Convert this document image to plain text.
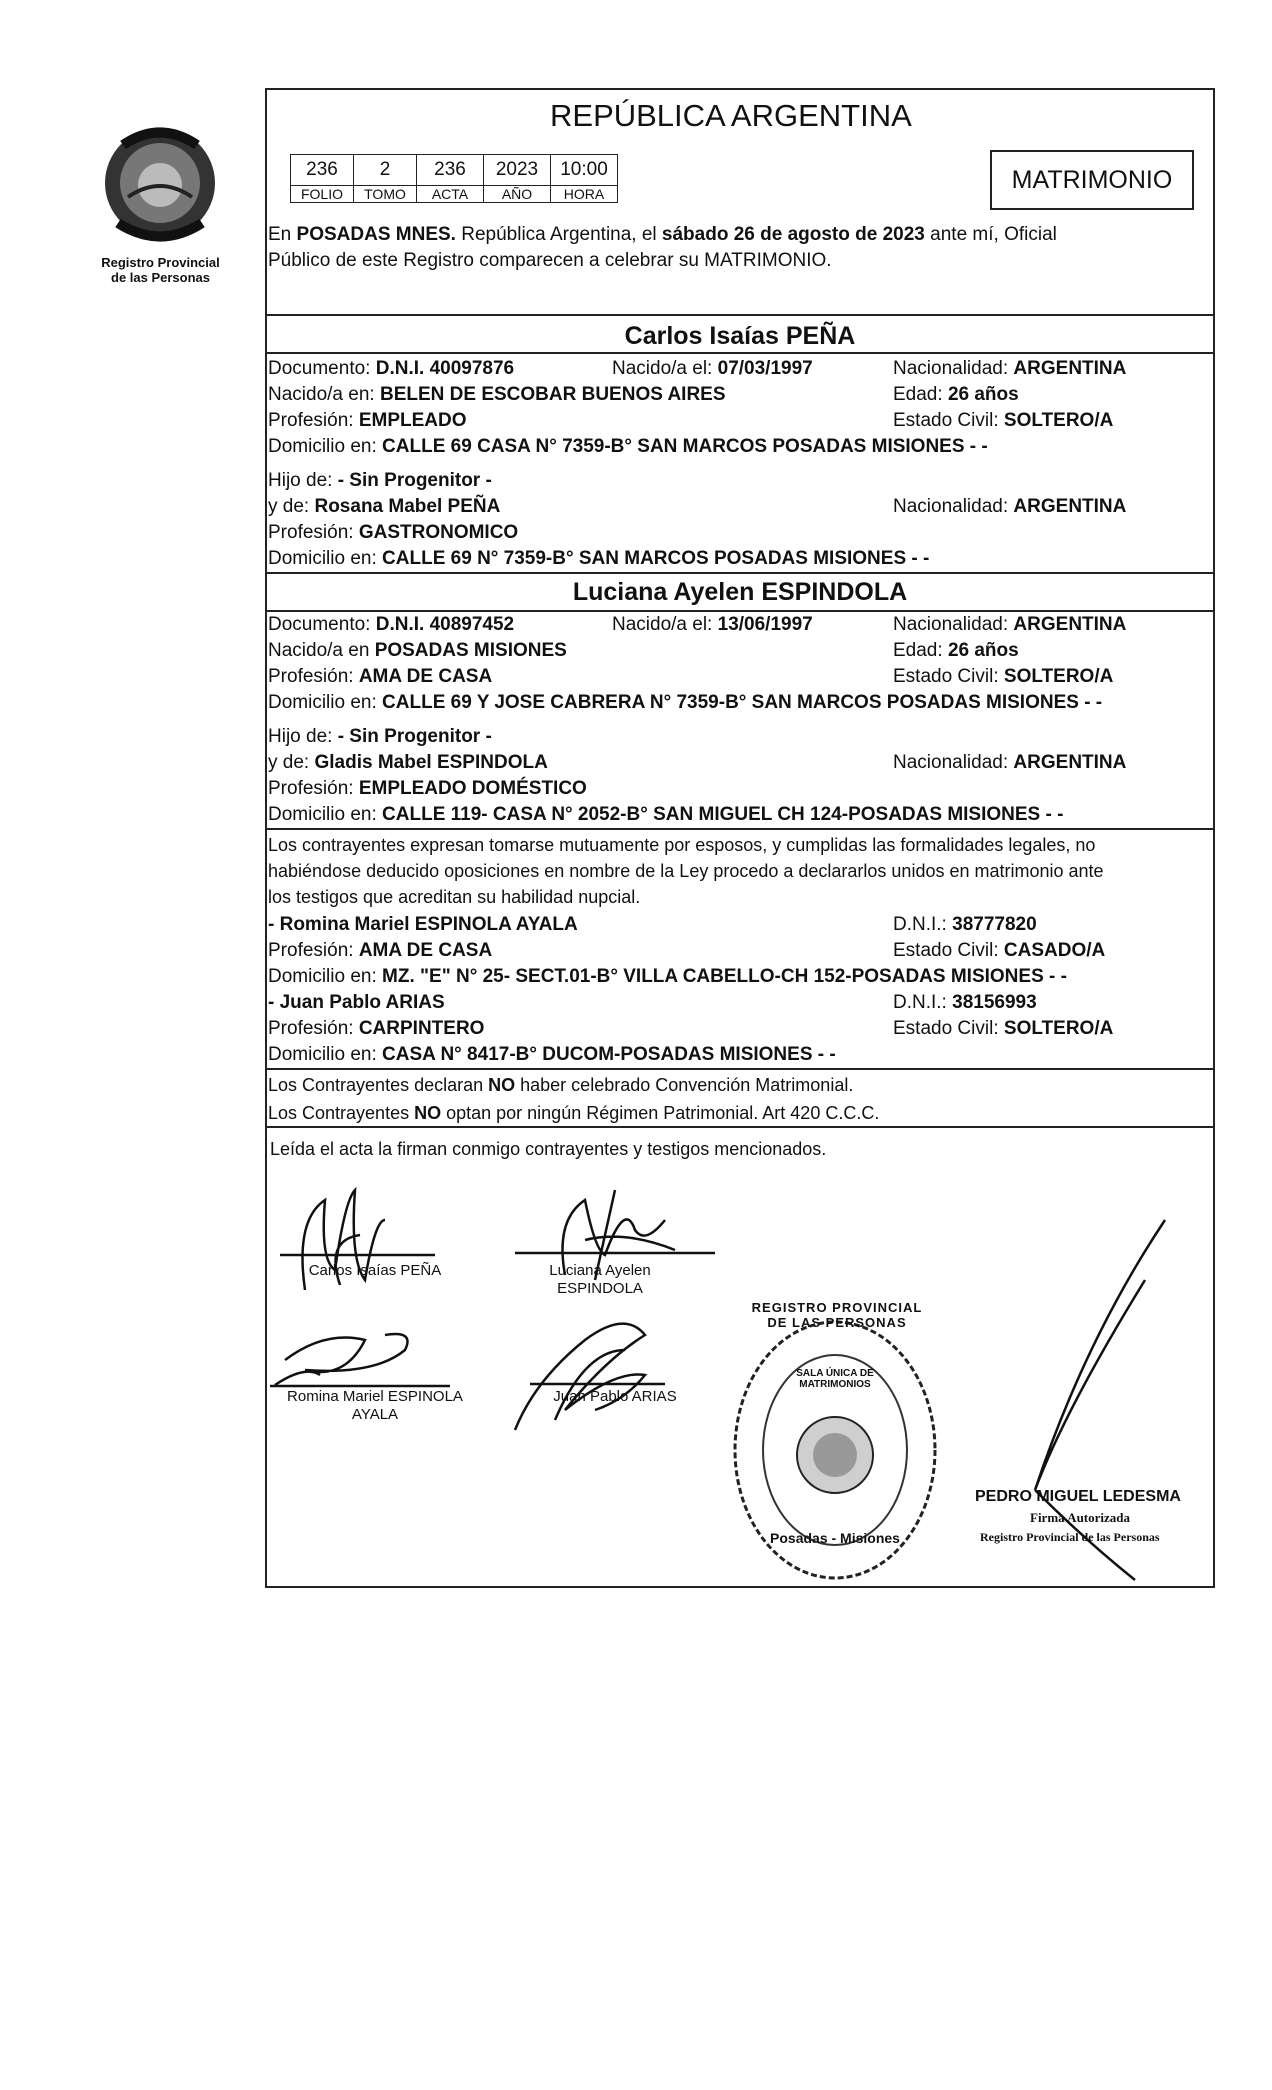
Registro Provincial
de las Personas
REPÚBLICA ARGENTINA
236	2	236	2023	10:00
FOLIO	TOMO	ACTA	AÑO	HORA	MATRIMONIO
En POSADAS MNES. República Argentina, el sábado 26 de agosto de 2023 ante mí, Oficial
Público de este Registro comparecen a celebrar su MATRIMONIO.
Carlos Isaías PEÑA
Documento: D.N.I. 40097876	Nacido/a el: 07/03/1997	Nacionalidad: ARGENTINA
Nacido/a en: BELEN DE ESCOBAR BUENOS AIRES	Edad: 26 años
Profesión: EMPLEADO	Estado Civil: SOLTERO/A
Domicilio en: CALLE 69 CASA N° 7359-B° SAN MARCOS POSADAS MISIONES - -
Hijo de: - Sin Progenitor -
y de: Rosana Mabel PEÑA	Nacionalidad: ARGENTINA
Profesión: GASTRONOMICO
Domicilio en: CALLE 69 N° 7359-B° SAN MARCOS POSADAS MISIONES - -
Luciana Ayelen ESPINDOLA
Documento: D.N.I. 40897452	Nacido/a el: 13/06/1997	Nacionalidad: ARGENTINA
Nacido/a en POSADAS MISIONES	Edad: 26 años
Profesión: AMA DE CASA	Estado Civil: SOLTERO/A
Domicilio en: CALLE 69 Y JOSE CABRERA N° 7359-B° SAN MARCOS POSADAS MISIONES - -
Hijo de: - Sin Progenitor -
y de: Gladis Mabel ESPINDOLA	Nacionalidad: ARGENTINA
Profesión: EMPLEADO DOMÉSTICO
Domicilio en: CALLE 119- CASA N° 2052-B° SAN MIGUEL CH 124-POSADAS MISIONES - -
Los contrayentes expresan tomarse mutuamente por esposos, y cumplidas las formalidades legales, no
habiéndose deducido oposiciones en nombre de la Ley procedo a declararlos unidos en matrimonio ante
los testigos que acreditan su habilidad nupcial.
- Romina Mariel ESPINOLA AYALA	D.N.I.: 38777820
Profesión: AMA DE CASA	Estado Civil: CASADO/A
Domicilio en: MZ. "E" N° 25- SECT.01-B° VILLA CABELLO-CH 152-POSADAS MISIONES - -
- Juan Pablo ARIAS	D.N.I.: 38156993
Profesión: CARPINTERO	Estado Civil: SOLTERO/A
Domicilio en: CASA N° 8417-B° DUCOM-POSADAS MISIONES - -
Los Contrayentes declaran NO haber celebrado Convención Matrimonial.
Los Contrayentes NO optan por ningún Régimen Patrimonial. Art 420 C.C.C.
Leída el acta la firman conmigo contrayentes y testigos mencionados.
Carlos Isaías PEÑA	Luciana Ayelen
ESPINDOLA
Romina Mariel ESPINOLA
AYALA
Juan Pablo ARIAS
REGISTRO PROVINCIAL DE LAS PERSONAS
SALA ÚNICA DE MATRIMONIOS
Posadas - Misiones
PEDRO MIGUEL LEDESMA
Firma Autorizada
Registro Provincial de las Personas
